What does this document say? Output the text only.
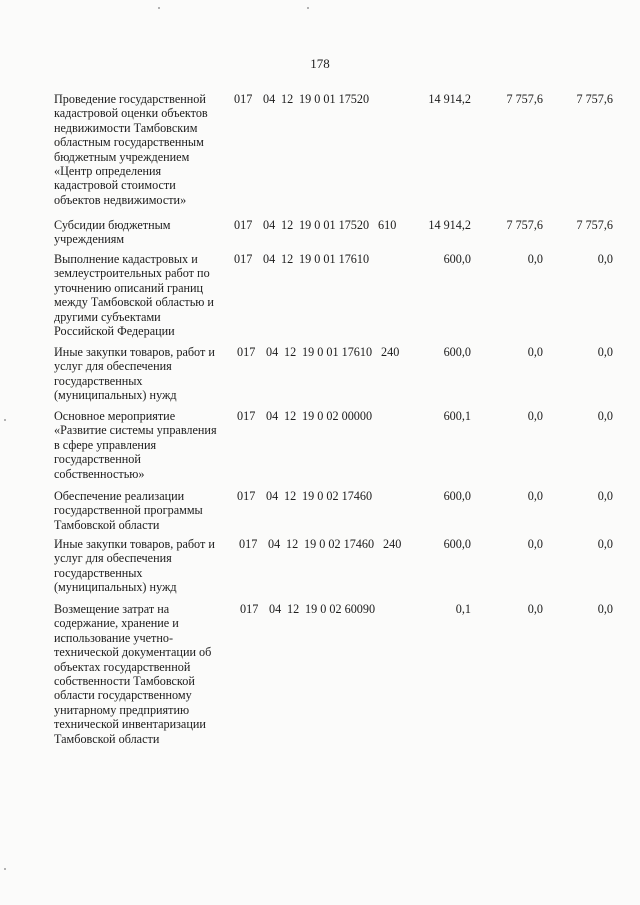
178
Проведение государственной
кадастровой оценки объектов
недвижимости Тамбовским
областным государственным
бюджетным учреждением
«Центр определения
кадастровой стоимости
объектов недвижимости»
017 04 12 19 0 01 17520	14 914,2	7 757,6	7 757,6
Субсидии бюджетным
учреждениям
017 04 12 19 0 01 17520 610	14 914,2	7 757,6	7 757,6
Выполнение кадастровых и
землеустроительных работ по
уточнению описаний границ
между Тамбовской областью и
другими субъектами
Российской Федерации
017 04 12 19 0 01 17610	600,0	0,0	0,0
Иные закупки товаров, работ и
услуг для обеспечения
государственных
(муниципальных) нужд
017 04 12 19 0 01 17610 240	600,0	0,0	0,0
Основное мероприятие
«Развитие системы управления
в сфере управления
государственной
собственностью»
017 04 12 19 0 02 00000	600,1	0,0	0,0
Обеспечение реализации
государственной программы
Тамбовской области
017 04 12 19 0 02 17460	600,0	0,0	0,0
Иные закупки товаров, работ и
услуг для обеспечения
государственных
(муниципальных) нужд
017 04 12 19 0 02 17460 240	600,0	0,0	0,0
Возмещение затрат на
содержание, хранение и
использование учетно-
технической документации об
объектах государственной
собственности Тамбовской
области государственному
унитарному предприятию
технической инвентаризации
Тамбовской области
017 04 12 19 0 02 60090	0,1	0,0	0,0
